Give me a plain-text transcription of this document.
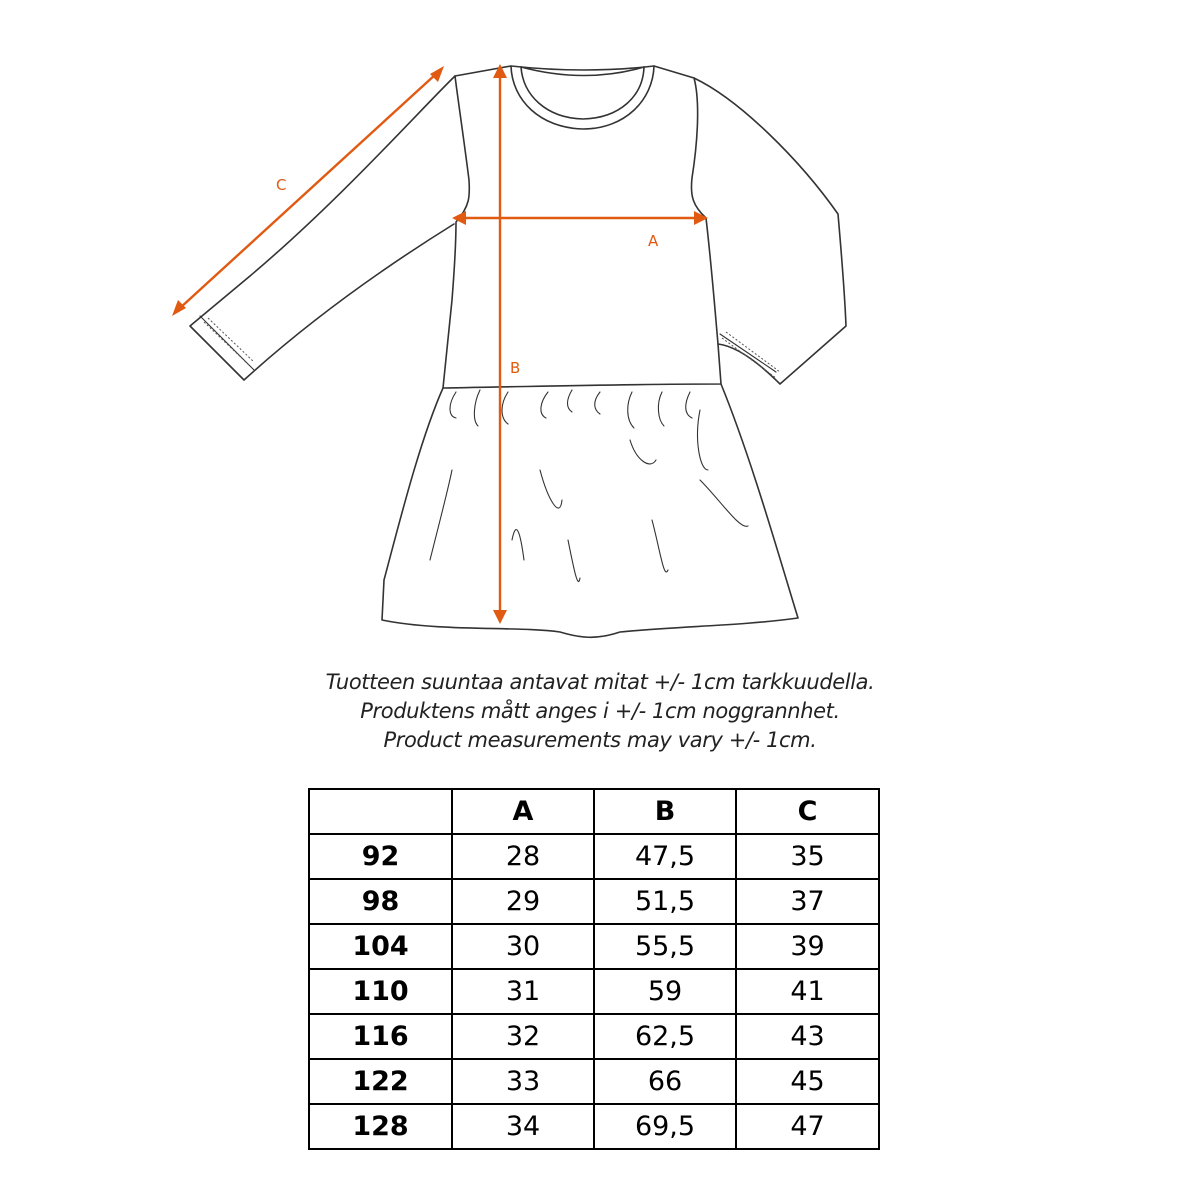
C
A
B
Tuotteen suuntaa antavat mitat +/- 1cm tarkkuudella.
Produktens mått anges i +/- 1cm noggrannhet.
Product measurements may vary +/- 1cm.
	A	B	C
92	28	47,5	35
98	29	51,5	37
104	30	55,5	39
110	31	59	41
116	32	62,5	43
122	33	66	45
128	34	69,5	47
